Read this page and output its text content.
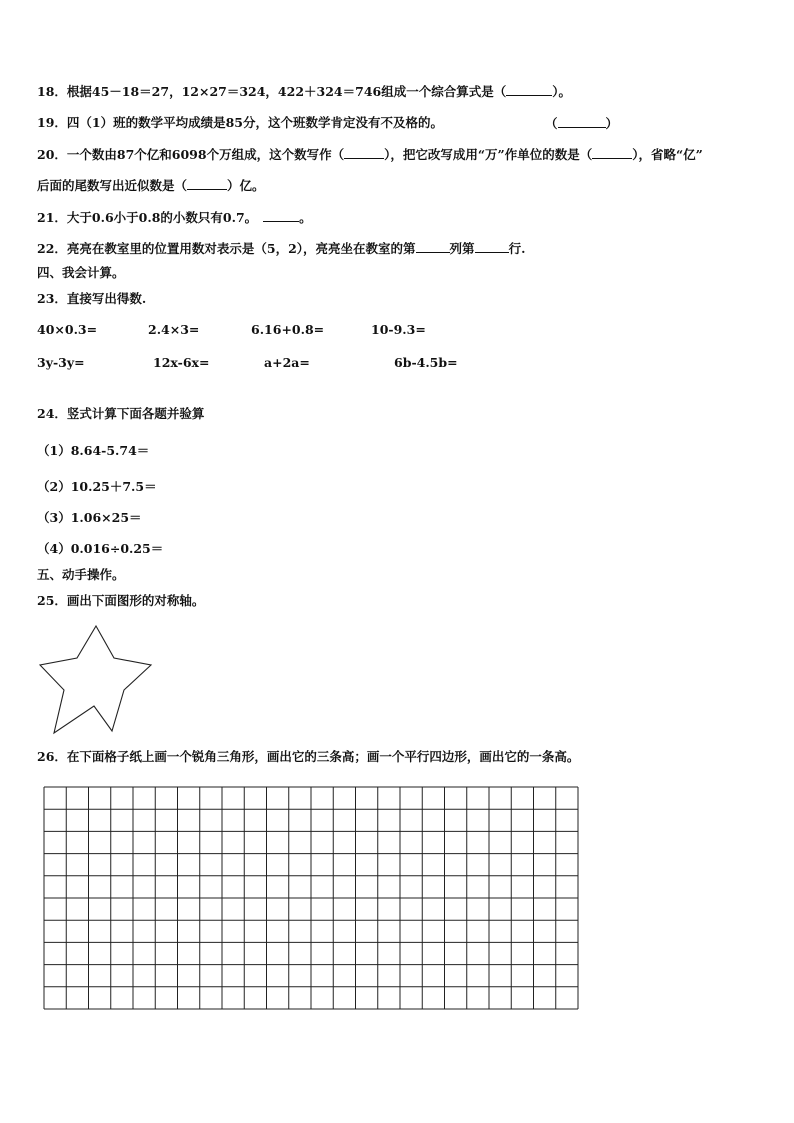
18．根据45－18＝27，12×27＝324，422＋324＝746组成一个综合算式是（	）。
19．四（1）班的数学平均成绩是85分，这个班数学肯定没有不及格的。	（	）
20．一个数由87个亿和6098个万组成，这个数写作（	），把它改写成用“万”作单位的数是（	），省略“亿”
后面的尾数写出近似数是（	）亿。
21．大于0.6小于0.8的小数只有0.7。	。
22．亮亮在教室里的位置用数对表示是（5，2），亮亮坐在教室的第	列第	行.
四、我会计算。
23．直接写出得数.
40×0.3=	2.4×3=	6.16+0.8=	10-9.3=
3y-3y=	12x-6x=	a+2a=	6b-4.5b=
24．竖式计算下面各题并验算
（1）8.64-5.74＝
（2）10.25＋7.5＝
（3）1.06×25＝
（4）0.016÷0.25＝
五、动手操作。
25．画出下面图形的对称轴。
26．在下面格子纸上画一个锐角三角形，画出它的三条高；画一个平行四边形，画出它的一条高。
